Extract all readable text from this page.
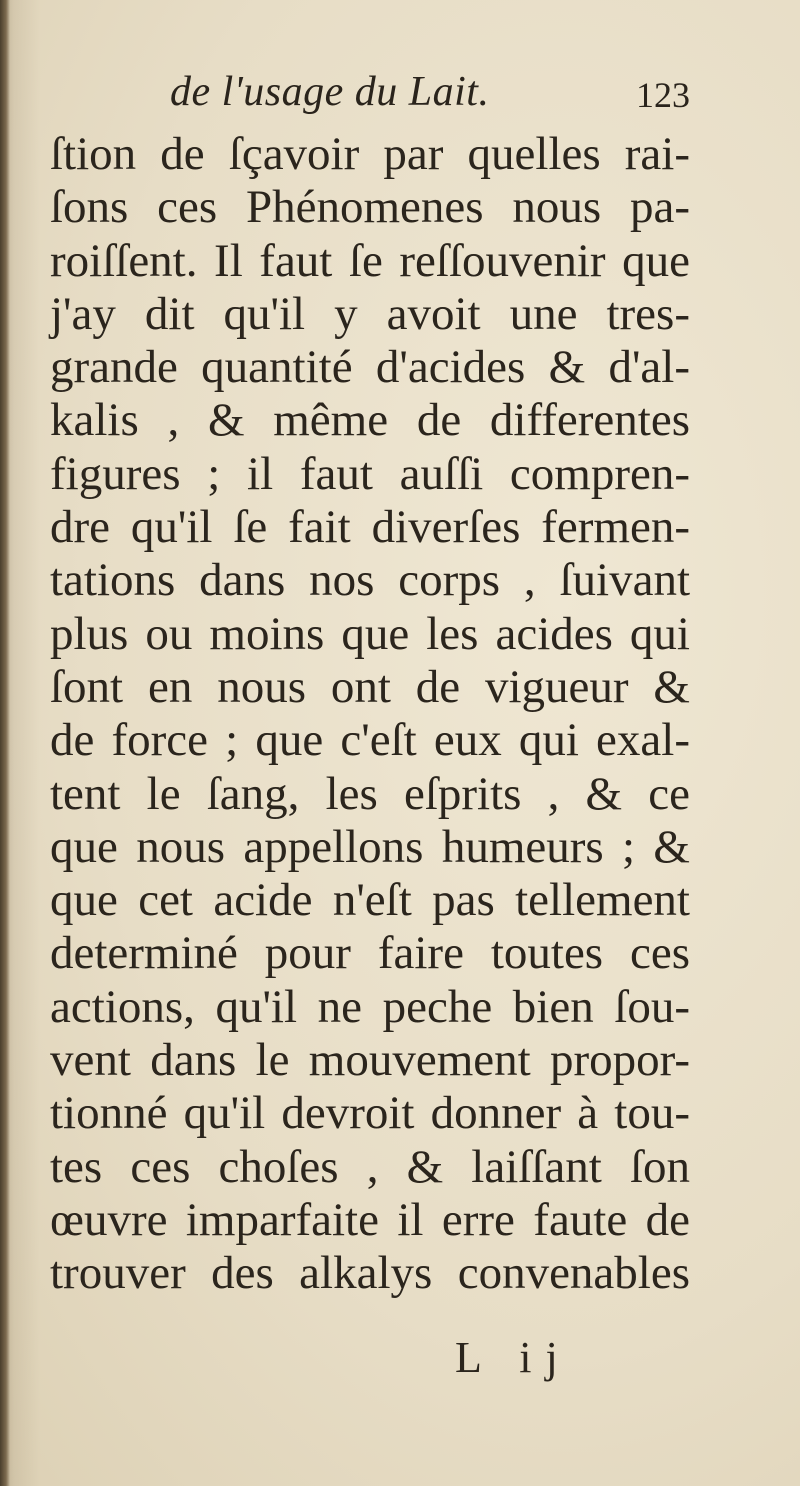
de l'usage du Lait.	123
ſtion de ſçavoir par quelles rai-
ſons ces Phénomenes nous pa-
roiſſent. Il faut ſe reſſouvenir que
j'ay dit qu'il y avoit une tres-
grande quantité d'acides & d'al-
kalis , & même de differentes
figures ; il faut auſſi compren-
dre qu'il ſe fait diverſes fermen-
tations dans nos corps , ſuivant
plus ou moins que les acides qui
ſont en nous ont de vigueur &
de force ; que c'eſt eux qui exal-
tent le ſang, les eſprits , & ce
que nous appellons humeurs ; &
que cet acide n'eſt pas tellement
determiné pour faire toutes ces
actions, qu'il ne peche bien ſou-
vent dans le mouvement propor-
tionné qu'il devroit donner à tou-
tes ces choſes , & laiſſant ſon
œuvre imparfaite il erre faute de
trouver des alkalys convenables
L ij
